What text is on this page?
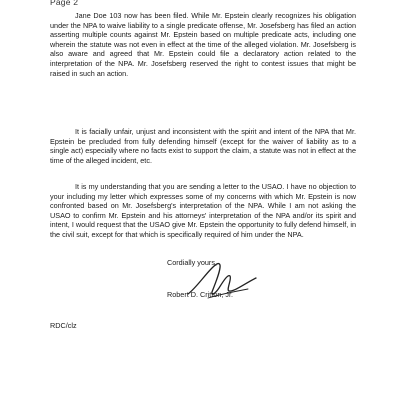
Page 2

Jane Doe 103 now has been filed. While Mr. Epstein clearly recognizes his obligation under the NPA to waive liability to a single predicate offense, Mr. Josefsberg has filed an action asserting multiple counts against Mr. Epstein based on multiple predicate acts, including one wherein the statute was not even in effect at the time of the alleged violation. Mr. Josefsberg is also aware and agreed that Mr. Epstein could file a declaratory action related to the interpretation of the NPA. Mr. Josefsberg reserved the right to contest issues that might be raised in such an action.

It is facially unfair, unjust and inconsistent with the spirit and intent of the NPA that Mr. Epstein be precluded from fully defending himself (except for the waiver of liability as to a single act) especially where no facts exist to support the claim, a statute was not in effect at the time of the alleged incident, etc.

It is my understanding that you are sending a letter to the USAO. I have no objection to your including my letter which expresses some of my concerns with which Mr. Epstein is now confronted based on Mr. Josefsberg's interpretation of the NPA. While I am not asking the USAO to confirm Mr. Epstein and his attorneys' interpretation of the NPA and/or its spirit and intent, I would request that the USAO give Mr. Epstein the opportunity to fully defend himself, in the civil suit, except for that which is specifically required of him under the NPA.

Cordially yours,

Robert D. Critton, Jr.

RDC/clz
